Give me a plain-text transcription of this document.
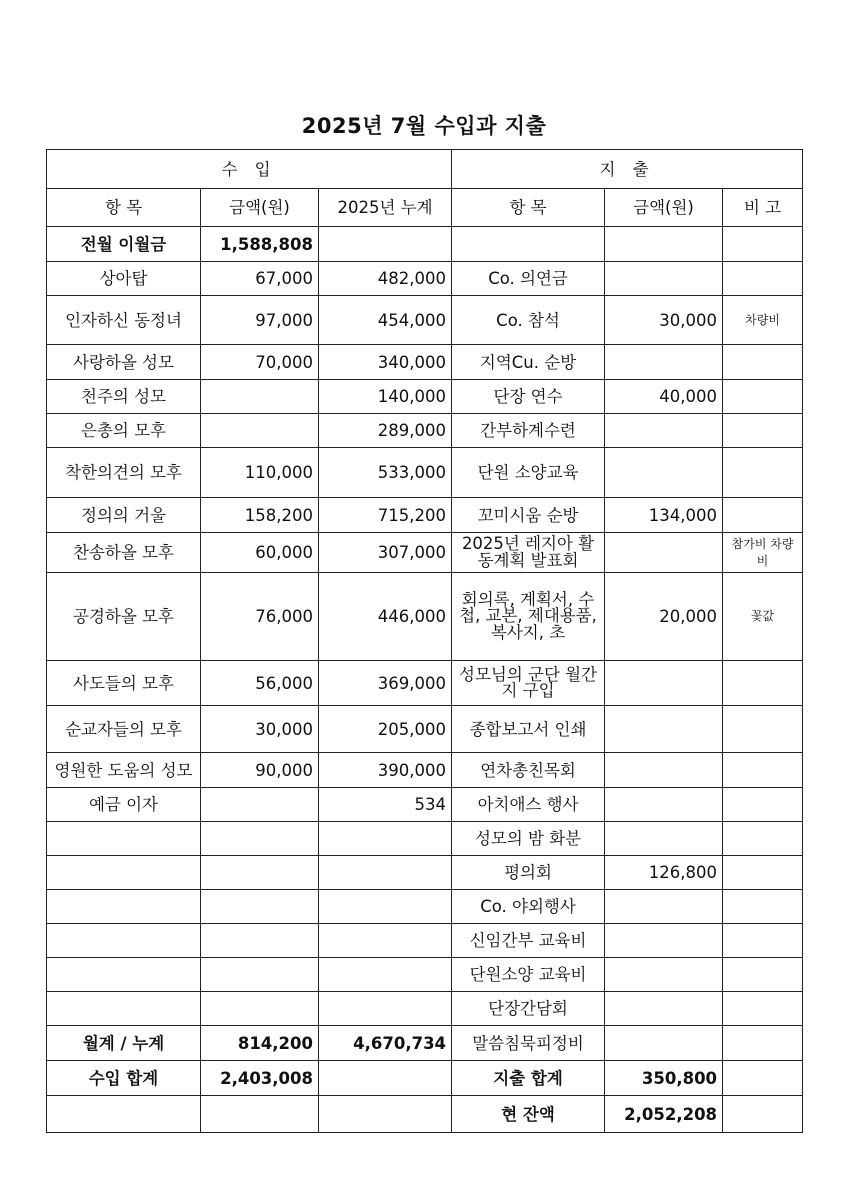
2025년 7월 수입과 지출
수 입			지 출		
항 목	금액(원)	2025년 누계	항 목	금액(원)	비 고
전월 이월금	1,588,808				
상아탑	67,000	482,000	Co. 의연금		
인자하신 동정녀	97,000	454,000	Co. 참석	30,000	차량비
사랑하올 성모	70,000	340,000	지역Cu. 순방		
천주의 성모		140,000	단장 연수	40,000	
은총의 모후		289,000	간부하계수련		
착한의견의 모후	110,000	533,000	단원 소양교육		
정의의 거울	158,200	715,200	꼬미시움 순방	134,000	
찬송하올 모후	60,000	307,000	2025년 레지아 활동계획 발표회		참가비 차량비
공경하올 모후	76,000	446,000	회의록, 계획서, 수첩, 교본, 제대용품, 복사지, 초	20,000	꽃값
사도들의 모후	56,000	369,000	성모님의 군단 월간지 구입		
순교자들의 모후	30,000	205,000	종합보고서 인쇄		
영원한 도움의 성모	90,000	390,000	연차총친목회		
예금 이자		534	아치애스 행사		
			성모의 밤 화분		
			평의회	126,800	
			Co. 야외행사		
			신임간부 교육비		
			단원소양 교육비		
			단장간담회		
월계 / 누계	814,200	4,670,734	말씀침묵피정비		
수입 합계	2,403,008		지출 합계	350,800	
			현 잔액	2,052,208	
